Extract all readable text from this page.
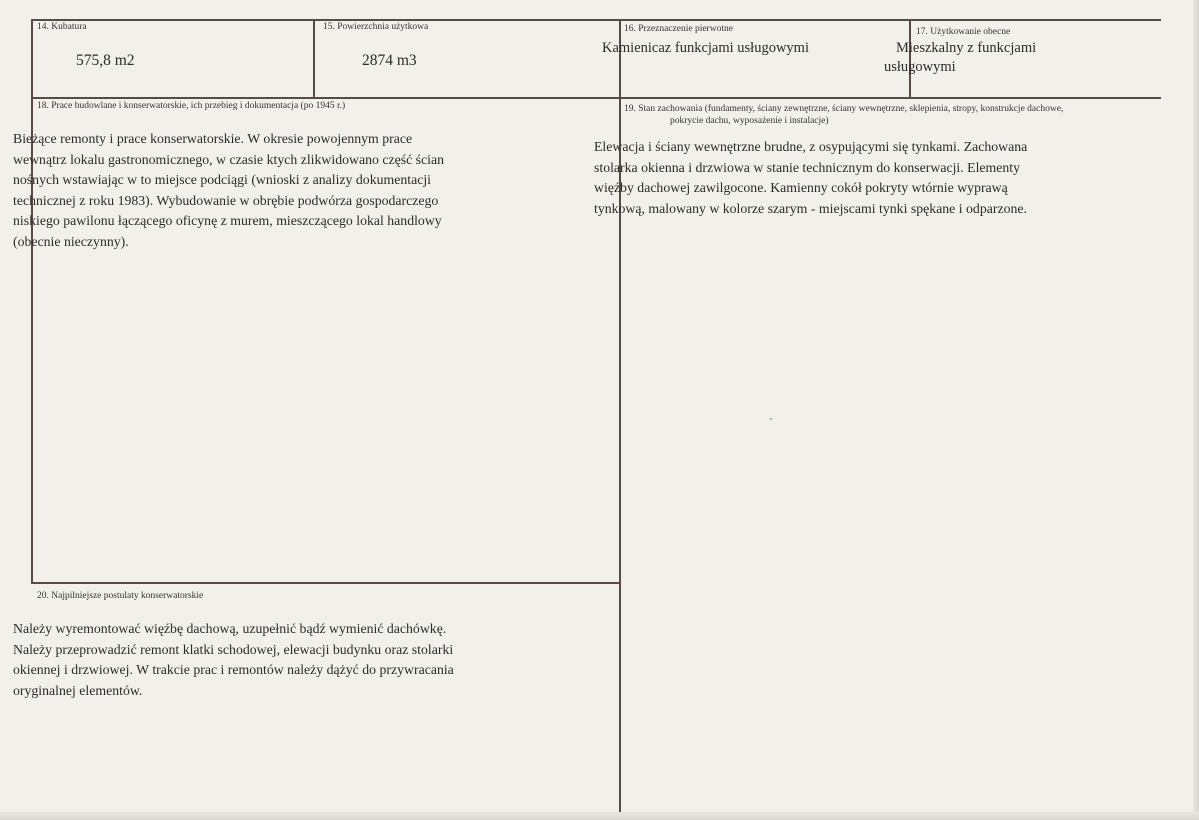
14. Kubatura
575,8 m2
15. Powierzchnia użytkowa
2874 m3
16. Przeznaczenie pierwotne
Kamienicaz funkcjami usługowymi
17. Użytkowanie obecne
Mieszkalny z funkcjami
usługowymi
18. Prace budowlane i konserwatorskie, ich przebieg i dokumentacja (po 1945 r.)
Bieżące remonty i prace konserwatorskie. W okresie powojennym prace
wewnątrz lokalu gastronomicznego, w czasie ktych zlikwidowano część ścian
nośnych wstawiając w to miejsce podciągi (wnioski z analizy dokumentacji
technicznej z roku 1983). Wybudowanie w obrębie podwórza gospodarczego
niskiego pawilonu łączącego oficynę z murem, mieszczącego lokal handlowy
(obecnie nieczynny).
19. Stan zachowania (fundamenty, ściany zewnętrzne, ściany wewnętrzne, sklepienia, stropy, konstrukcje dachowe,
pokrycie dachu, wyposażenie i instalacje)
Elewacja i ściany wewnętrzne brudne, z osypującymi się tynkami. Zachowana
stolarka okienna i drzwiowa w stanie technicznym do konserwacji. Elementy
więźby dachowej zawilgocone. Kamienny cokół pokryty wtórnie wyprawą
tynkową, malowany w kolorze szarym - miejscami tynki spękane i odparzone.
20. Najpilniejsze postulaty konserwatorskie
Należy wyremontować więźbę dachową, uzupełnić bądź wymienić dachówkę.
Należy przeprowadzić remont klatki schodowej, elewacji budynku oraz stolarki
okiennej i drzwiowej. W trakcie prac i remontów należy dążyć do przywracania
oryginalnej elementów.
